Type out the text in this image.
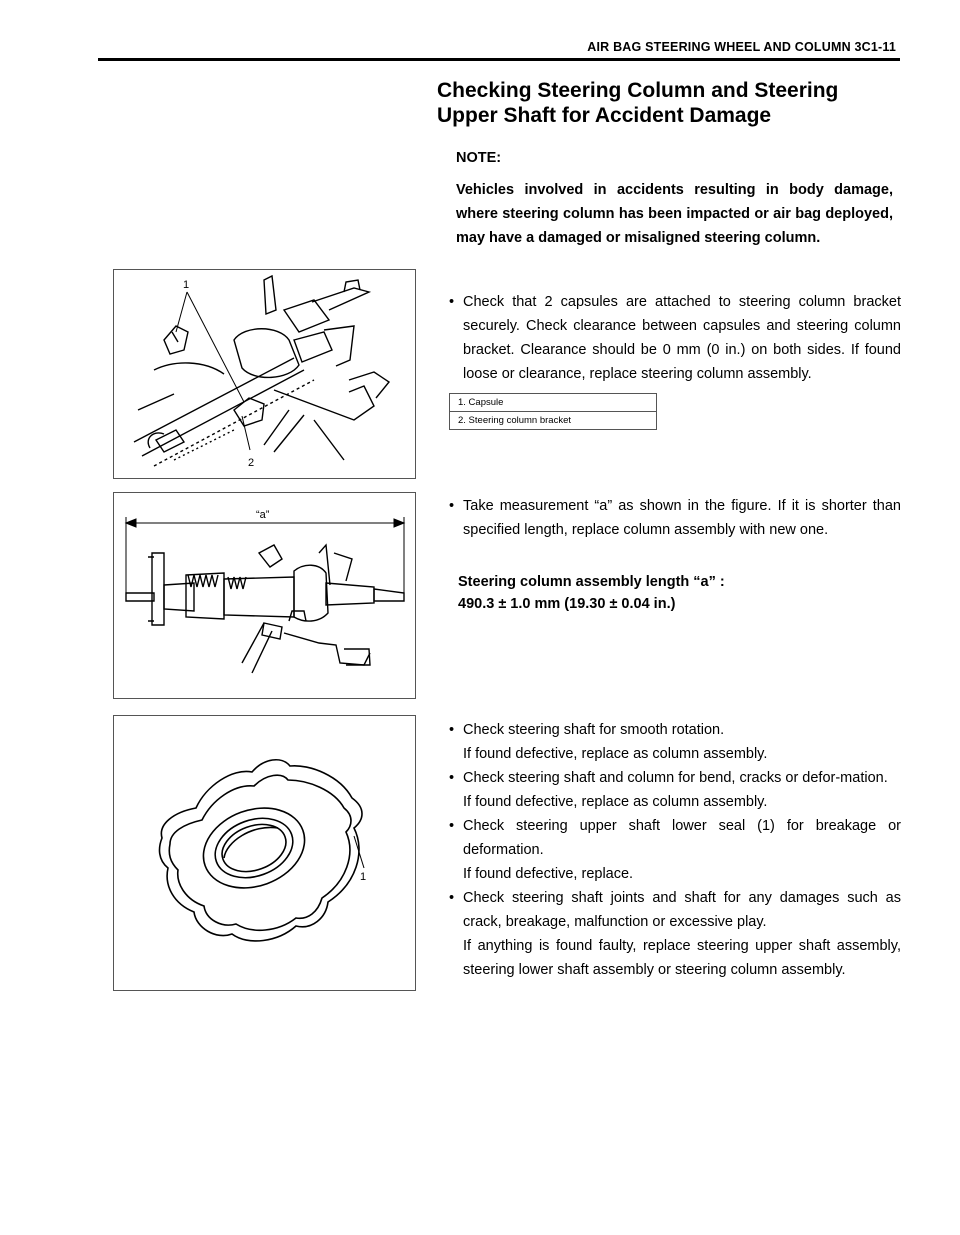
AIR BAG STEERING WHEEL AND COLUMN 3C1-11
Checking Steering Column and Steering
Upper Shaft for Accident Damage

NOTE:

Vehicles involved in accidents resulting in body damage, where steering column has been impacted or air bag deployed, may have a damaged or misaligned steering column.

1
2
• Check that 2 capsules are attached to steering column bracket securely. Check clearance between capsules and steering column bracket. Clearance should be 0 mm (0 in.) on both sides. If found loose or clearance, replace steering column assembly.
1. Capsule
2. Steering column bracket
“a”
• Take measurement “a” as shown in the figure. If it is shorter than specified length, replace column assembly with new one.
Steering column assembly length “a” :
490.3 ± 1.0 mm (19.30 ± 0.04 in.)
1
• Check steering shaft for smooth rotation.
If found defective, replace as column assembly.
• Check steering shaft and column for bend, cracks or defor-mation.
If found defective, replace as column assembly.
• Check steering upper shaft lower seal (1) for breakage or deformation.
If found defective, replace.
• Check steering shaft joints and shaft for any damages such as crack, breakage, malfunction or excessive play.
If anything is found faulty, replace steering upper shaft assembly, steering lower shaft assembly or steering column assembly.
